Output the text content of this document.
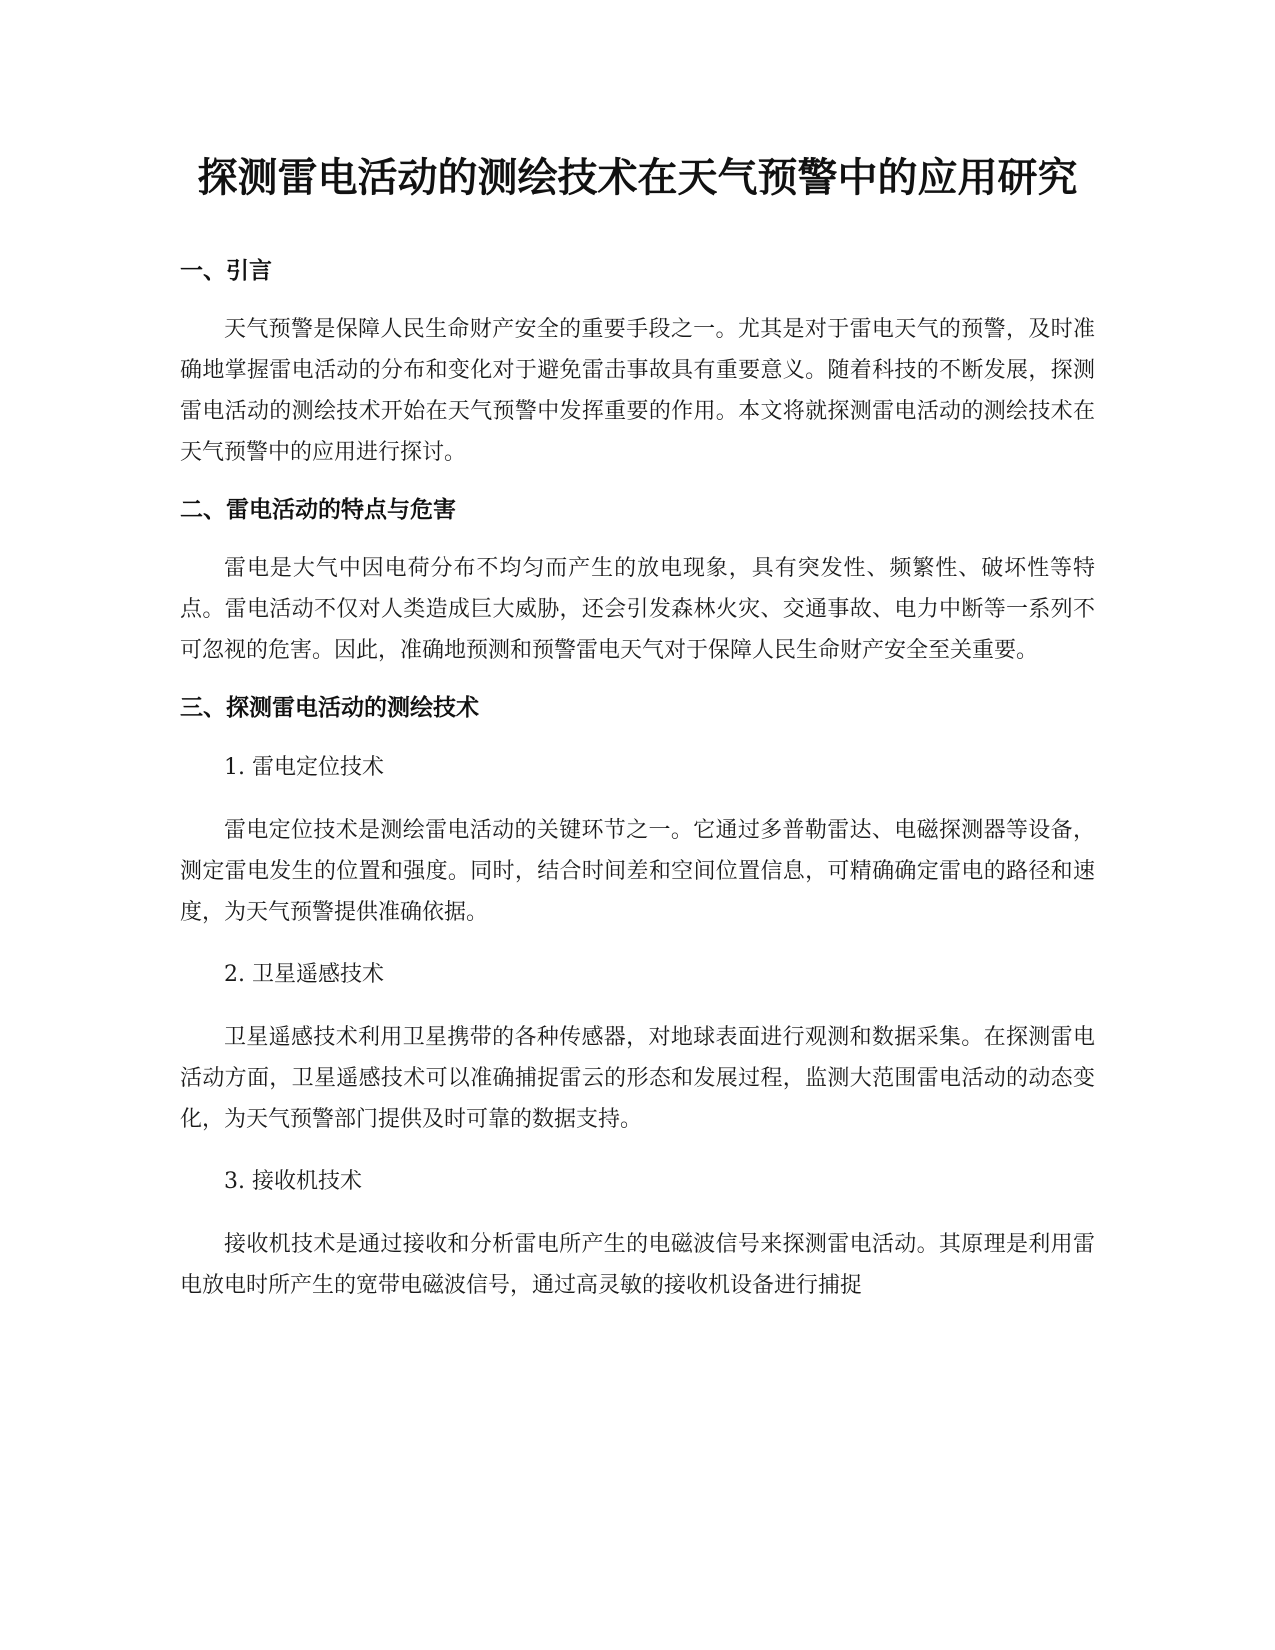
探测雷电活动的测绘技术在天气预警中的应用研究
一、引言

天气预警是保障人民生命财产安全的重要手段之一。尤其是对于雷电天气的预警，及时准确地掌握雷电活动的分布和变化对于避免雷击事故具有重要意义。随着科技的不断发展，探测雷电活动的测绘技术开始在天气预警中发挥重要的作用。本文将就探测雷电活动的测绘技术在天气预警中的应用进行探讨。

二、雷电活动的特点与危害

雷电是大气中因电荷分布不均匀而产生的放电现象，具有突发性、频繁性、破坏性等特点。雷电活动不仅对人类造成巨大威胁，还会引发森林火灾、交通事故、电力中断等一系列不可忽视的危害。因此，准确地预测和预警雷电天气对于保障人民生命财产安全至关重要。

三、探测雷电活动的测绘技术
1. 雷电定位技术

雷电定位技术是测绘雷电活动的关键环节之一。它通过多普勒雷达、电磁探测器等设备，测定雷电发生的位置和强度。同时，结合时间差和空间位置信息，可精确确定雷电的路径和速度，为天气预警提供准确依据。

2. 卫星遥感技术

卫星遥感技术利用卫星携带的各种传感器，对地球表面进行观测和数据采集。在探测雷电活动方面，卫星遥感技术可以准确捕捉雷云的形态和发展过程，监测大范围雷电活动的动态变化，为天气预警部门提供及时可靠的数据支持。

3. 接收机技术

接收机技术是通过接收和分析雷电所产生的电磁波信号来探测雷电活动。其原理是利用雷电放电时所产生的宽带电磁波信号，通过高灵敏的接收机设备进行捕捉
